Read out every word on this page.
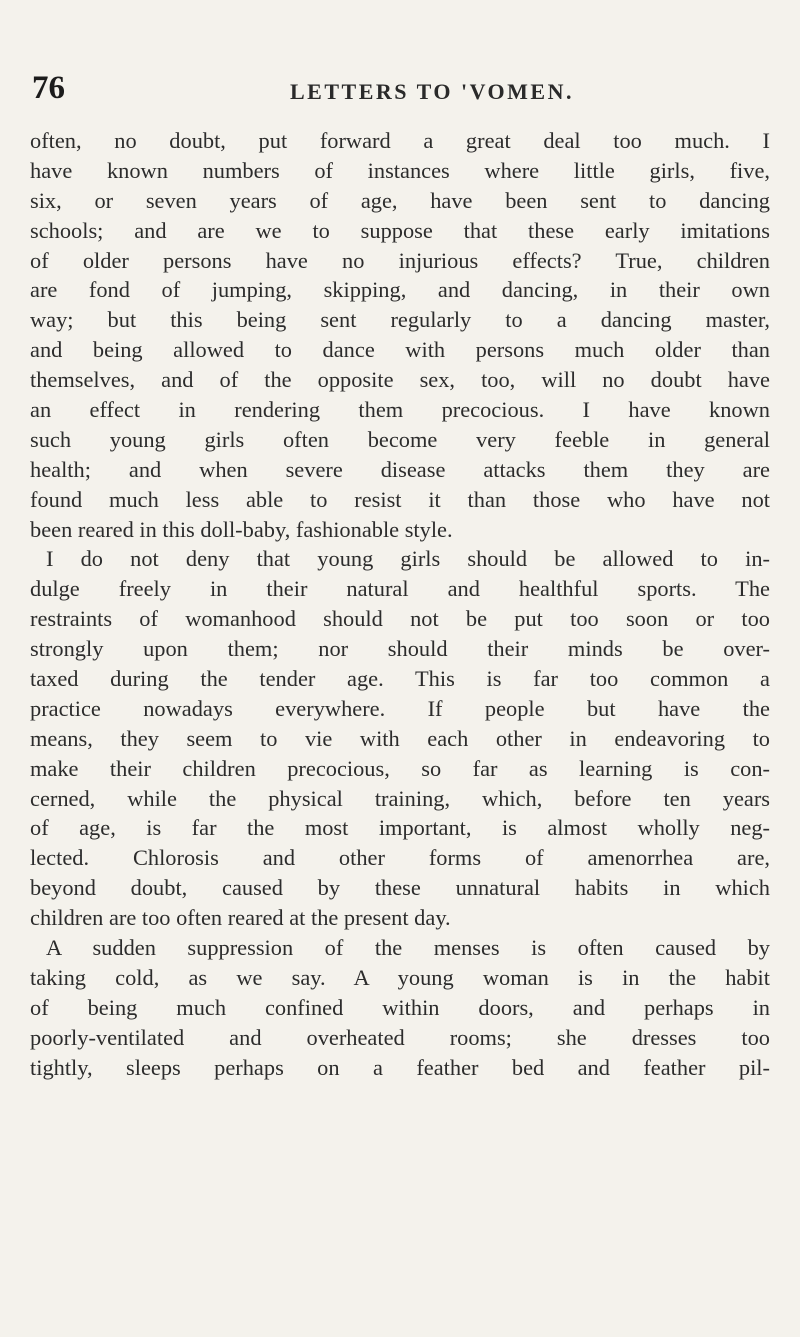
76	LETTERS TO 'VOMEN.
often, no doubt, put forward a great deal too much. I
have known numbers of instances where little girls, five,
six, or seven years of age, have been sent to dancing
schools; and are we to suppose that these early imitations
of older persons have no injurious effects? True, children
are fond of jumping, skipping, and dancing, in their own
way; but this being sent regularly to a dancing master,
and being allowed to dance with persons much older than
themselves, and of the opposite sex, too, will no doubt have
an effect in rendering them precocious. I have known
such young girls often become very feeble in general
health; and when severe disease attacks them they are
found much less able to resist it than those who have not
been reared in this doll-baby, fashionable style.
I do not deny that young girls should be allowed to in-
dulge freely in their natural and healthful sports. The
restraints of womanhood should not be put too soon or too
strongly upon them; nor should their minds be over-
taxed during the tender age. This is far too common a
practice nowadays everywhere. If people but have the
means, they seem to vie with each other in endeavoring to
make their children precocious, so far as learning is con-
cerned, while the physical training, which, before ten years
of age, is far the most important, is almost wholly neg-
lected. Chlorosis and other forms of amenorrhea are,
beyond doubt, caused by these unnatural habits in which
children are too often reared at the present day.
A sudden suppression of the menses is often caused by
taking cold, as we say. A young woman is in the habit
of being much confined within doors, and perhaps in
poorly-ventilated and overheated rooms; she dresses too
tightly, sleeps perhaps on a feather bed and feather pil-
